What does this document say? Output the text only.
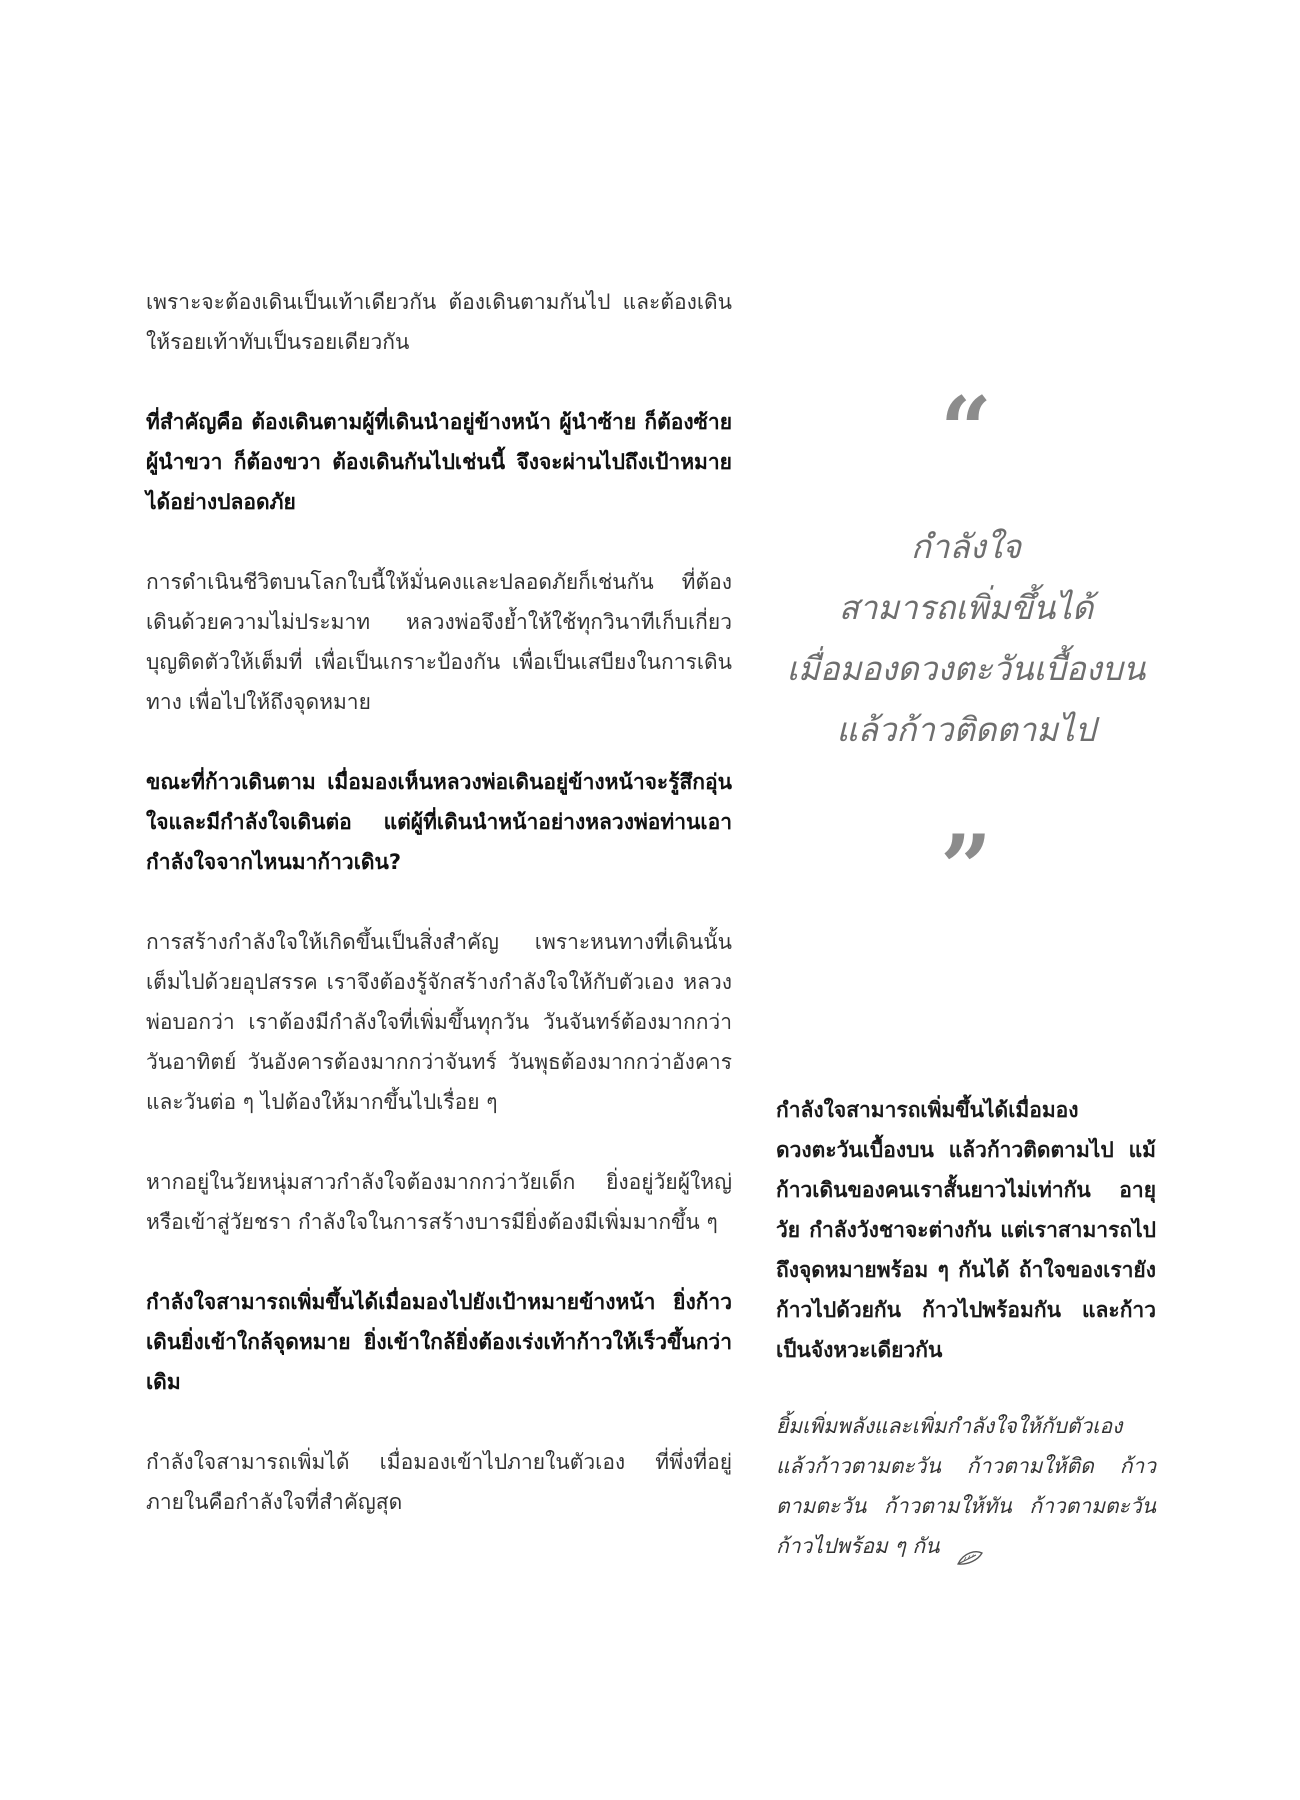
เพราะจะต้องเดินเป็นเท้าเดียวกัน ต้องเดินตามกันไป และต้องเดินให้รอยเท้าทับเป็นรอยเดียวกัน

ที่สำคัญคือ ต้องเดินตามผู้ที่เดินนำอยู่ข้างหน้า ผู้นำซ้าย ก็ต้องซ้าย ผู้นำขวา ก็ต้องขวา ต้องเดินกันไปเช่นนี้ จึงจะผ่านไปถึงเป้าหมายได้อย่างปลอดภัย

การดำเนินชีวิตบนโลกใบนี้ให้มั่นคงและปลอดภัยก็เช่นกัน ที่ต้องเดินด้วยความไม่ประมาท หลวงพ่อจึงย้ำให้ใช้ทุกวินาทีเก็บเกี่ยวบุญติดตัวให้เต็มที่ เพื่อเป็นเกราะป้องกัน เพื่อเป็นเสบียงในการเดินทาง เพื่อไปให้ถึงจุดหมาย

ขณะที่ก้าวเดินตาม เมื่อมองเห็นหลวงพ่อเดินอยู่ข้างหน้าจะรู้สึกอุ่นใจและมีกำลังใจเดินต่อ แต่ผู้ที่เดินนำหน้าอย่างหลวงพ่อท่านเอากำลังใจจากไหนมาก้าวเดิน?

การสร้างกำลังใจให้เกิดขึ้นเป็นสิ่งสำคัญ เพราะหนทางที่เดินนั้นเต็มไปด้วยอุปสรรค เราจึงต้องรู้จักสร้างกำลังใจให้กับตัวเอง หลวงพ่อบอกว่า เราต้องมีกำลังใจที่เพิ่มขึ้นทุกวัน วันจันทร์ต้องมากกว่าวันอาทิตย์ วันอังคารต้องมากกว่าจันทร์ วันพุธต้องมากกว่าอังคาร และวันต่อ ๆ ไปต้องให้มากขึ้นไปเรื่อย ๆ

หากอยู่ในวัยหนุ่มสาวกำลังใจต้องมากกว่าวัยเด็ก ยิ่งอยู่วัยผู้ใหญ่หรือเข้าสู่วัยชรา กำลังใจในการสร้างบารมียิ่งต้องมีเพิ่มมากขึ้น ๆ

กำลังใจสามารถเพิ่มขึ้นได้เมื่อมองไปยังเป้าหมายข้างหน้า ยิ่งก้าวเดินยิ่งเข้าใกล้จุดหมาย ยิ่งเข้าใกล้ยิ่งต้องเร่งเท้าก้าวให้เร็วขึ้นกว่าเดิม

กำลังใจสามารถเพิ่มได้ เมื่อมองเข้าไปภายในตัวเอง ที่พึ่งที่อยู่ภายในคือกำลังใจที่สำคัญสุด

“
กำลังใจ
สามารถเพิ่มขึ้นได้
เมื่อมองดวงตะวันเบื้องบน
แล้วก้าวติดตามไป
”

กำลังใจสามารถเพิ่มขึ้นได้เมื่อมองดวงตะวันเบื้องบน แล้วก้าวติดตามไป แม้ก้าวเดินของคนเราสั้นยาวไม่เท่ากัน อายุ วัย กำลังวังชาจะต่างกัน แต่เราสามารถไปถึงจุดหมายพร้อม ๆ กันได้ ถ้าใจของเรายังก้าวไปด้วยกัน ก้าวไปพร้อมกัน และก้าวเป็นจังหวะเดียวกัน

ยิ้มเพิ่มพลังและเพิ่มกำลังใจให้กับตัวเอง แล้วก้าวตามตะวัน ก้าวตามให้ติด ก้าวตามตะวัน ก้าวตามให้ทัน ก้าวตามตะวัน ก้าวไปพร้อม ๆ กัน
